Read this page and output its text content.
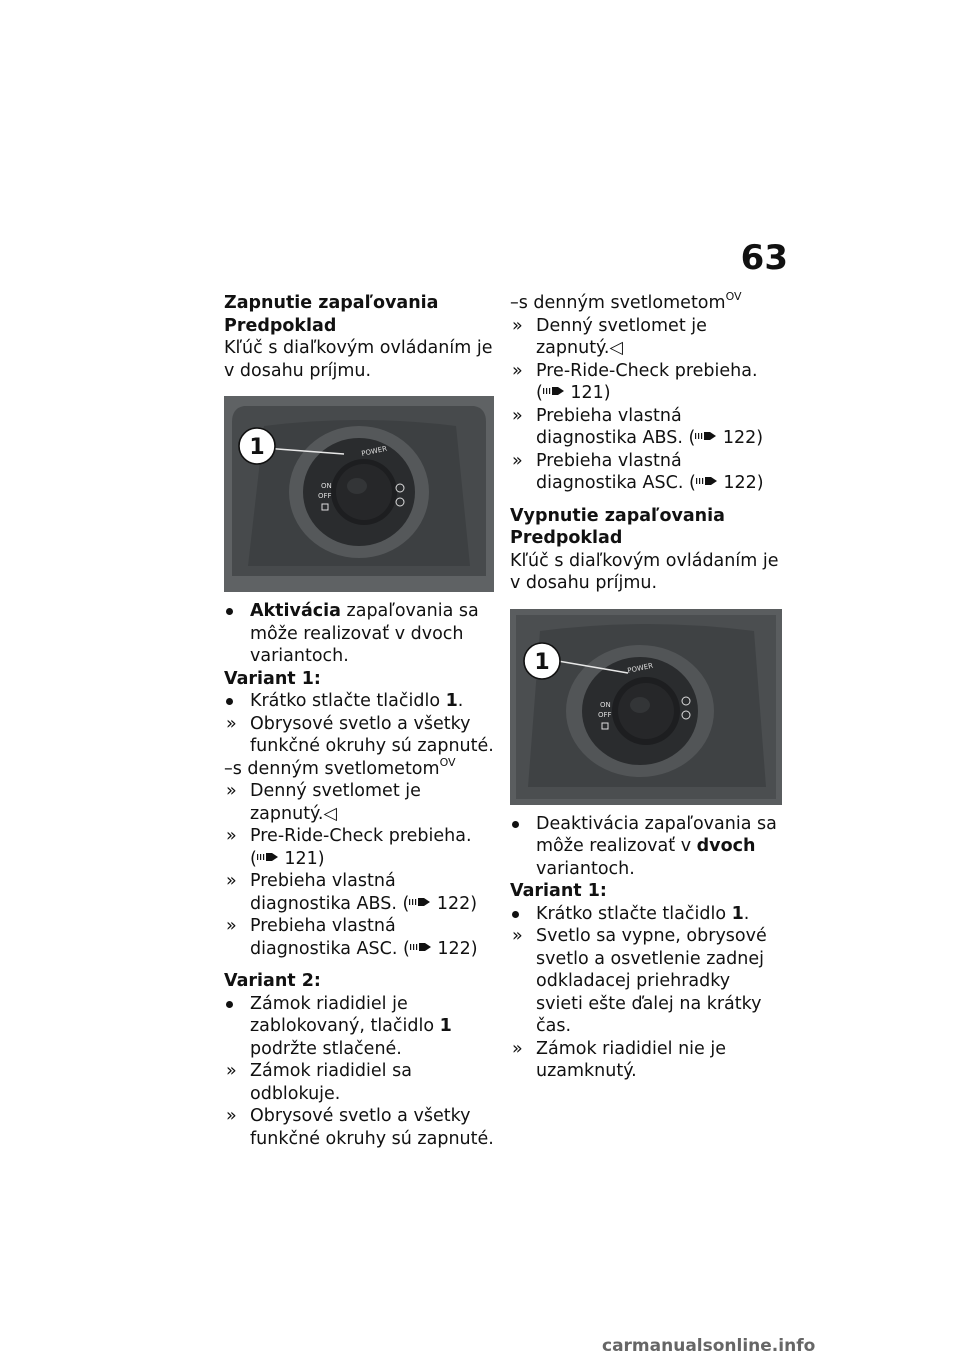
63

Zapnutie zapaľovania

Predpoklad

Kľúč s diaľkovým ovládaním je v dosahu príjmu.

1	POWER
ON
OFF

Aktivácia zapaľovania sa môže realizovať v dvoch variantoch.

Variant 1:

Krátko stlačte tlačidlo 1.

» Obrysové svetlo a všetky funkčné okruhy sú zapnuté.

–s denným svetlometom$^{OV}$

» Denný svetlomet je zapnutý.◁

» Pre-Ride-Check prebieha.
( 121)

» Prebieha vlastná diagnostika ABS. ( 122)

» Prebieha vlastná diagnostika ASC. ( 122)

Variant 2:

Zámok riadidiel je zablokovaný, tlačidlo 1 podržte stlačené.

» Zámok riadidiel sa odblokuje.

» Obrysové svetlo a všetky funkčné okruhy sú zapnuté.

–s denným svetlometom$^{OV}$

» Denný svetlomet je zapnutý.◁

» Pre-Ride-Check prebieha.
( 121)

» Prebieha vlastná diagnostika ABS. ( 122)

» Prebieha vlastná diagnostika ASC. ( 122)

Vypnutie zapaľovania

Predpoklad

Kľúč s diaľkovým ovládaním je v dosahu príjmu.

1	POWER
ON
OFF

Deaktivácia zapaľovania sa môže realizovať v dvoch variantoch.

Variant 1:

Krátko stlačte tlačidlo 1.

» Svetlo sa vypne, obrysové svetlo a osvetlenie zadnej odkladacej priehradky svieti ešte ďalej na krátky čas.

» Zámok riadidiel nie je uzamknutý.

carmanualsonline.info
